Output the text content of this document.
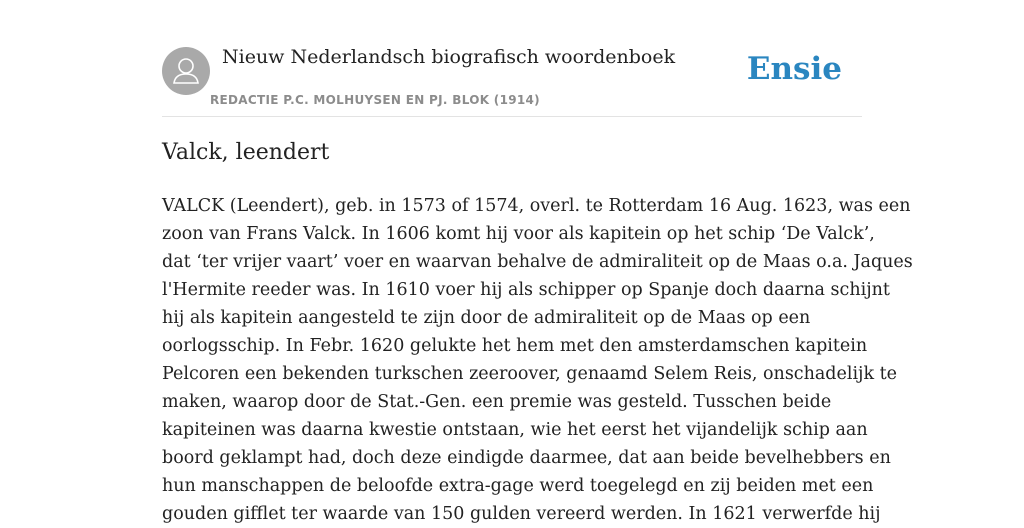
Nieuw Nederlandsch biografisch woordenboek
REDACTIE P.C. MOLHUYSEN EN PJ. BLOK (1914)
Ensie
Valck, leendert
VALCK (Leendert), geb. in 1573 of 1574, overl. te Rotterdam 16 Aug. 1623, was een
zoon van Frans Valck. In 1606 komt hij voor als kapitein op het schip ‘De Valck’,
dat ‘ter vrijer vaart’ voer en waarvan behalve de admiraliteit op de Maas o.a. Jaques
l'Hermite reeder was. In 1610 voer hij als schipper op Spanje doch daarna schijnt
hij als kapitein aangesteld te zijn door de admiraliteit op de Maas op een
oorlogsschip. In Febr. 1620 gelukte het hem met den amsterdamschen kapitein
Pelcoren een bekenden turkschen zeeroover, genaamd Selem Reis, onschadelijk te
maken, waarop door de Stat.-Gen. een premie was gesteld. Tusschen beide
kapiteinen was daarna kwestie ontstaan, wie het eerst het vijandelijk schip aan
boord geklampt had, doch deze eindigde daarmee, dat aan beide bevelhebbers en
hun manschappen de beloofde extra-gage werd toegelegd en zij beiden met een
gouden gifflet ter waarde van 150 gulden vereerd werden. In 1621 verwerfde hij
